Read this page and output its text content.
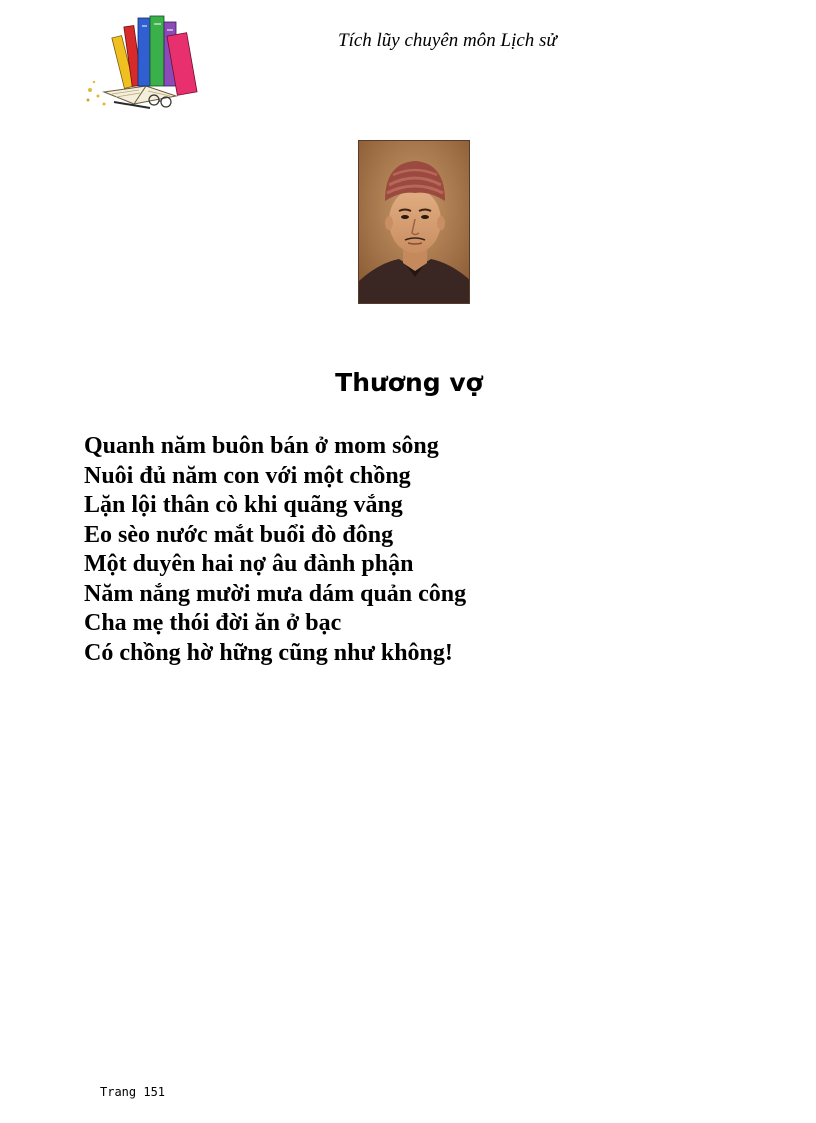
Tích lũy chuyên môn Lịch sử
Thương vợ
Quanh năm buôn bán ở mom sông
Nuôi đủ năm con với một chồng
Lặn lội thân cò khi quãng vắng
Eo sèo nước mắt buổi đò đông
Một duyên hai nợ âu đành phận
Năm nắng mười mưa dám quản công
Cha mẹ thói đời ăn ở bạc
Có chồng hờ hững cũng như không!
Trang 151
